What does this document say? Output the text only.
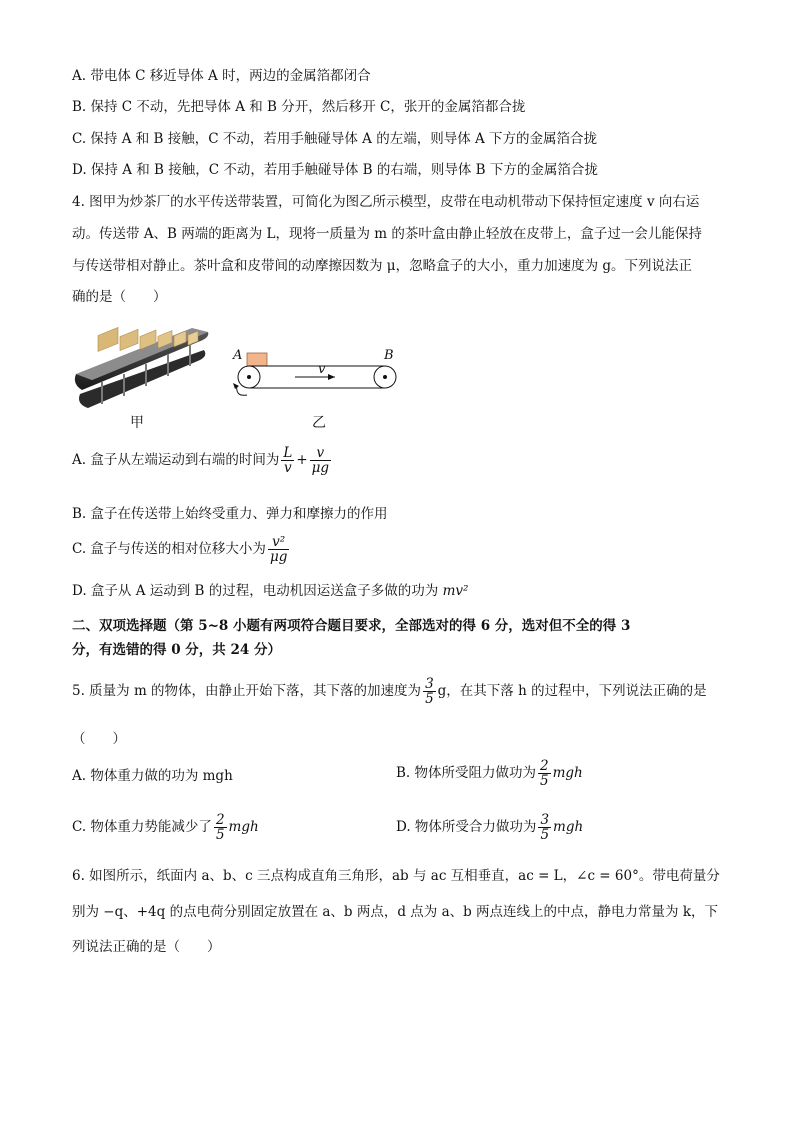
A. 带电体 C 移近导体 A 时，两边的金属箔都闭合
B. 保持 C 不动，先把导体 A 和 B 分开，然后移开 C，张开的金属箔都合拢
C. 保持 A 和 B 接触，C 不动，若用手触碰导体 A 的左端，则导体 A 下方的金属箔合拢
D. 保持 A 和 B 接触，C 不动，若用手触碰导体 B 的右端，则导体 B 下方的金属箔合拢
4. 图甲为炒茶厂的水平传送带装置，可简化为图乙所示模型，皮带在电动机带动下保持恒定速度 v 向右运
动。传送带 A、B 两端的距离为 L，现将一质量为 m 的茶叶盒由静止轻放在皮带上，盒子过一会儿能保持
与传送带相对静止。茶叶盒和皮带间的动摩擦因数为 μ，忽略盒子的大小，重力加速度为 g。下列说法正
确的是（　　）
甲
A	B
v
乙
A. 盒子从左端运动到右端的时间为 $\frac{L}{v} + \frac{v}{\mu g}$
B. 盒子在传送带上始终受重力、弹力和摩擦力的作用
C. 盒子与传送的相对位移大小为 $\frac{\text{v²}}{\mu g}$
D. 盒子从 A 运动到 B 的过程，电动机因运送盒子多做的功为 mv²
二、双项选择题（第 5~8 小题有两项符合题目要求，全部选对的得 6 分，选对但不全的得 3
分，有选错的得 0 分，共 24 分）
5. 质量为 m 的物体，由静止开始下落，其下落的加速度为 $\frac{3}{5}$ g，在其下落 h 的过程中，下列说法正确的是
（　　）
A. 物体重力做的功为 mgh	B. 物体所受阻力做功为 $\frac{2}{5}$ mgh
C. 物体重力势能减少了 $\frac{2}{5}$ mgh	D. 物体所受合力做功为 $\frac{3}{5}$ mgh
6. 如图所示，纸面内 a、b、c 三点构成直角三角形，ab 与 ac 互相垂直，ac = L，∠c = 60°。带电荷量分
别为 −q、+4q 的点电荷分别固定放置在 a、b 两点，d 点为 a、b 两点连线上的中点，静电力常量为 k，下
列说法正确的是（　　）
